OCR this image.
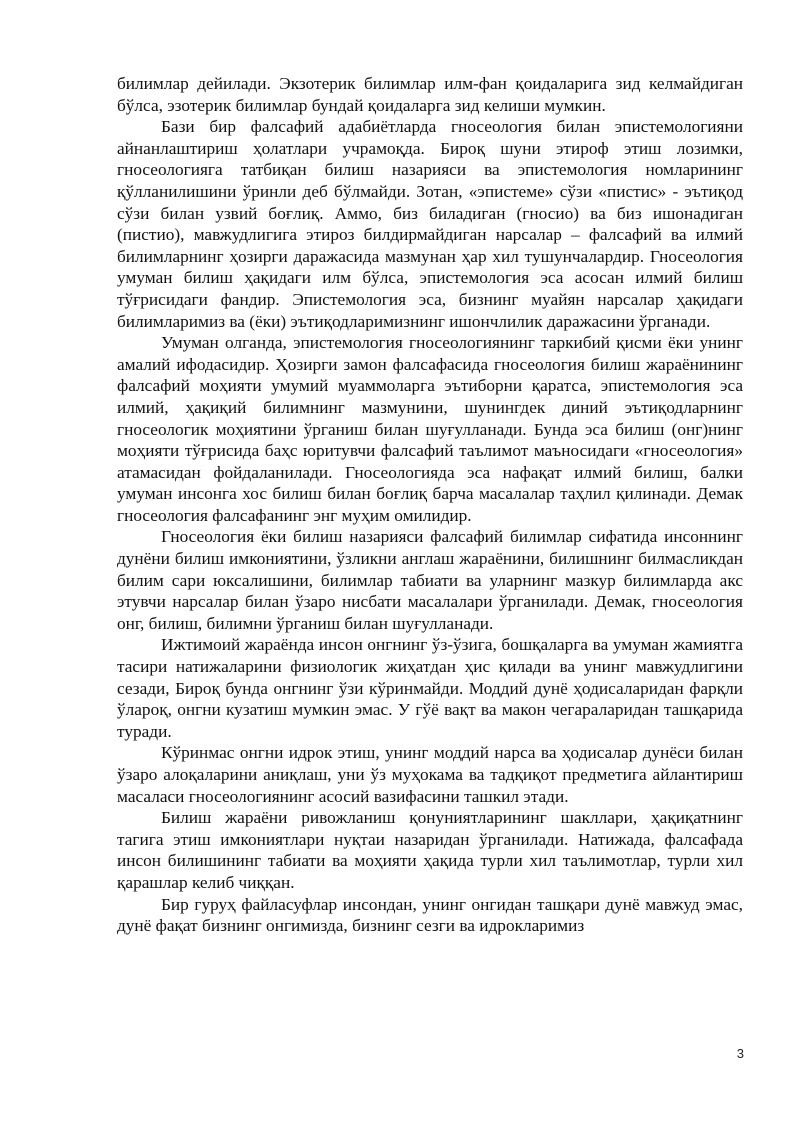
билимлар дейилади. Экзотерик билимлар илм-фан қоидаларига зид келмайдиган бўлса, эзотерик билимлар бундай қоидаларга зид келиши мумкин.

Бази бир фалсафий адабиётларда гносеология билан эпистемологияни айнанлаштириш ҳолатлари учрамоқда. Бироқ шуни этироф этиш лозимки, гносеологияга татбиқан билиш назарияси ва эпистемология номларининг қўлланилишини ўринли деб бўлмайди. Зотан, «эпистеме» сўзи «пистис» - эътиқод сўзи билан узвий боғлиқ. Аммо, биз биладиган (гносио) ва биз ишонадиган (пистио), мавжудлигига этироз билдирмайдиган нарсалар – фалсафий ва илмий билимларнинг ҳозирги даражасида мазмунан ҳар хил тушунчалардир. Гносеология умуман билиш ҳақидаги илм бўлса, эпистемология эса асосан илмий билиш тўғрисидаги фандир. Эпистемология эса, бизнинг муайян нарсалар ҳақидаги билимларимиз ва (ёки) эътиқодларимизнинг ишончлилик даражасини ўрганади.

Умуман олганда, эпистемология гносеологиянинг таркибий қисми ёки унинг амалий ифодасидир. Ҳозирги замон фалсафасида гносеология билиш жараёнининг фалсафий моҳияти умумий муаммоларга эътиборни қаратса, эпистемология эса илмий, ҳақиқий билимнинг мазмунини, шунингдек диний эътиқодларнинг гносеологик моҳиятини ўрганиш билан шуғулланади. Бунда эса билиш (онг)нинг моҳияти тўғрисида баҳс юритувчи фалсафий таълимот маъносидаги «гносеология» атамасидан фойдаланилади. Гносеологияда эса нафақат илмий билиш, балки умуман инсонга хос билиш билан боғлиқ барча масалалар таҳлил қилинади. Демак гносеология фалсафанинг энг муҳим омилидир.

Гносеология ёки билиш назарияси фалсафий билимлар сифатида инсоннинг дунёни билиш имкониятини, ўзликни англаш жараёнини, билишнинг билмасликдан билим сари юксалишини, билимлар табиати ва уларнинг мазкур билимларда акс этувчи нарсалар билан ўзаро нисбати масалалари ўрганилади. Демак, гносеология онг, билиш, билимни ўрганиш билан шуғулланади.

Ижтимоий жараёнда инсон онгнинг ўз-ўзига, бошқаларга ва умуман жамиятга тасири натижаларини физиологик жиҳатдан ҳис қилади ва унинг мавжудлигини сезади, Бироқ бунда онгнинг ўзи кўринмайди. Моддий дунё ҳодисаларидан фарқли ўлароқ, онгни кузатиш мумкин эмас. У гўё вақт ва макон чегараларидан ташқарида туради.

Кўринмас онгни идрок этиш, унинг моддий нарса ва ҳодисалар дунёси билан ўзаро алоқаларини аниқлаш, уни ўз муҳокама ва тадқиқот предметига айлантириш масаласи гносеологиянинг асосий вазифасини ташкил этади.

Билиш жараёни ривожланиш қонуниятларининг шакллари, ҳақиқатнинг тагига этиш имкониятлари нуқтаи назаридан ўрганилади. Натижада, фалсафада инсон билишининг табиати ва моҳияти ҳақида турли хил таълимотлар, турли хил қарашлар келиб чиққан.

Бир гуруҳ файласуфлар инсондан, унинг онгидан ташқари дунё мавжуд эмас, дунё фақат бизнинг онгимизда, бизнинг сезги ва идрокларимиз

3
